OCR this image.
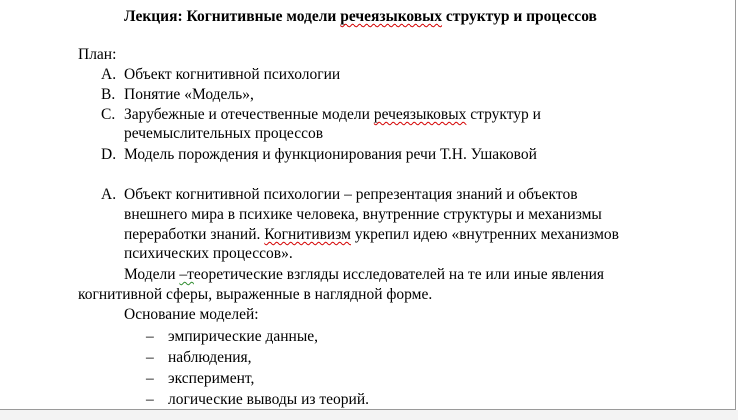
Лекция: Когнитивные модели речеязыковых структур и процессов
План:
A. Объект когнитивной психологии
B. Понятие «Модель»,
C. Зарубежные и отечественные модели речеязыковых структур и
речемыслительных процессов
D. Модель порождения и функционирования речи Т.Н. Ушаковой
A. Объект когнитивной психологии – репрезентация знаний и объектов
внешнего мира в психике человека, внутренние структуры и механизмы
переработки знаний. Когнитивизм укрепил идею «внутренних механизмов
психических процессов».
Модели –теоретические взгляды исследователей на те или иные явления
когнитивной сферы, выраженные в наглядной форме.
Основание моделей:
– эмпирические данные,
– наблюдения,
– эксперимент,
– логические выводы из теорий.
